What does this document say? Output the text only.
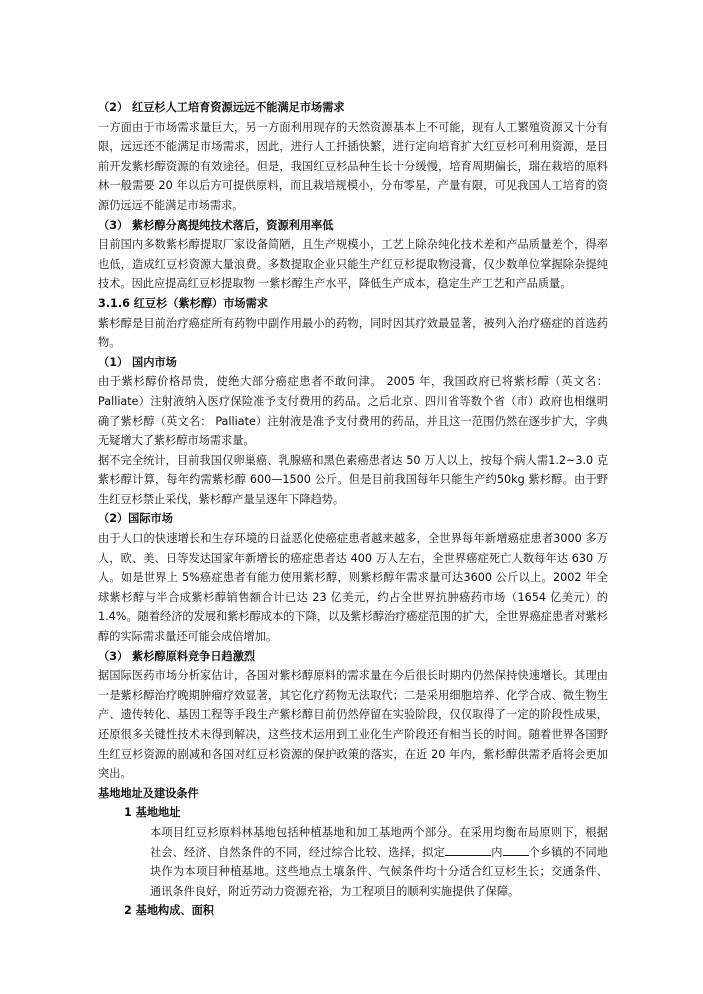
（2） 红豆杉人工培育资源远远不能满足市场需求

一方面由于市场需求量巨大，另一方面利用现存的天然资源基本上不可能，现有人工繁殖资源又十分有限，远远还不能满足市场需求，因此，进行人工扦插快繁，进行定向培育扩大红豆杉可利用资源，是目前开发紫杉醇资源的有效途径。但是，我国红豆杉品种生长十分缓慢，培育周期偏长，瑞在栽培的原料林一般需要 20 年以后方可提供原料，而且栽培规模小，分布零星，产量有限，可见我国人工培育的资源仍远远不能满足市场需求。

（3） 紫杉醇分离提纯技术落后，资源利用率低

目前国内多数紫杉醇提取厂家设备简陋，且生产规模小，工艺上除杂纯化技术差和产品质量差个，得率也低，造成红豆杉资源大量浪费。多数提取企业只能生产红豆杉提取物浸膏，仅少数单位掌握除杂提纯技术。因此应提高红豆杉提取物 一紫杉醇生产水平，降低生产成本，稳定生产工艺和产品质量。

3.1.6 红豆杉（紫杉醇）市场需求

紫杉醇是目前治疗癌症所有药物中副作用最小的药物，同时因其疗效最显著，被列入治疗癌症的首选药物。

（1） 国内市场

由于紫杉醇价格昂贵，使绝大部分癌症患者不敢问津。 2005 年，我国政府已将紫杉醇（英文名：Palliate）注射液纳入医疗保险准予支付费用的药品。之后北京、四川省等数个省（市）政府也相继明确了紫杉醇（英文名： Palliate）注射液是准予支付费用的药品，并且这一范围仍然在逐步扩大，字典无疑增大了紫杉醇市场需求量。

据不完全统计，目前我国仅卵巢癌、乳腺癌和黑色素癌患者达 50 万人以上，按每个病人需1.2~3.0 克紫杉醇计算，每年约需紫杉醇 600—1500 公斤。但是目前我国每年只能生产约50kg 紫杉醇。由于野生红豆杉禁止采伐，紫杉醇产量呈逐年下降趋势。

（2）国际市场

由于人口的快速增长和生存环境的日益恶化使癌症患者越来越多，全世界每年新增癌症患者3000 多万人，欧、美、日等发达国家年新增长的癌症患者达 400 万人左右，全世界癌症死亡人数每年达 630 万人。如是世界上 5%癌症患者有能力使用紫杉醇，则紫杉醇年需求量可达3600 公斤以上。2002 年全球紫杉醇与半合成紫杉醇销售额合计已达 23 亿美元，约占全世界抗肿癌药市场（1654 亿美元）的 1.4%。随着经济的发展和紫杉醇成本的下降，以及紫杉醇治疗癌症范围的扩大，全世界癌症患者对紫杉醇的实际需求量还可能会成倍增加。

（3） 紫杉醇原料竞争日趋激烈

据国际医药市场分析家估计，各国对紫杉醇原料的需求量在今后很长时期内仍然保持快速增长。其理由一是紫杉醇治疗晚期肿瘤疗效显著，其它化疗药物无法取代；二是采用细胞培养、化学合成、微生物生产、遗传转化、基因工程等手段生产紫杉醇目前仍然停留在实验阶段，仅仅取得了一定的阶段性成果，还原很多关键性技术未得到解决，这些技术运用到工业化生产阶段还有相当长的时间。随着世界各国野生红豆杉资源的剧减和各国对红豆杉资源的保护政策的落实，在近 20 年内，紫杉醇供需矛盾将会更加突出。

基地地址及建设条件

1 基地地址

本项目红豆杉原料林基地包括种植基地和加工基地两个部分。在采用均衡布局原则下，根据社会、经济、自然条件的不同，经过综合比较、选择，拟定	内 个乡镇的不同地块作为本项目种植基地。这些地点土壤条件、气候条件均十分适合红豆杉生长；交通条件、通讯条件良好，附近劳动力资源充裕，为工程项目的顺利实施提供了保障。

2 基地构成、面积
